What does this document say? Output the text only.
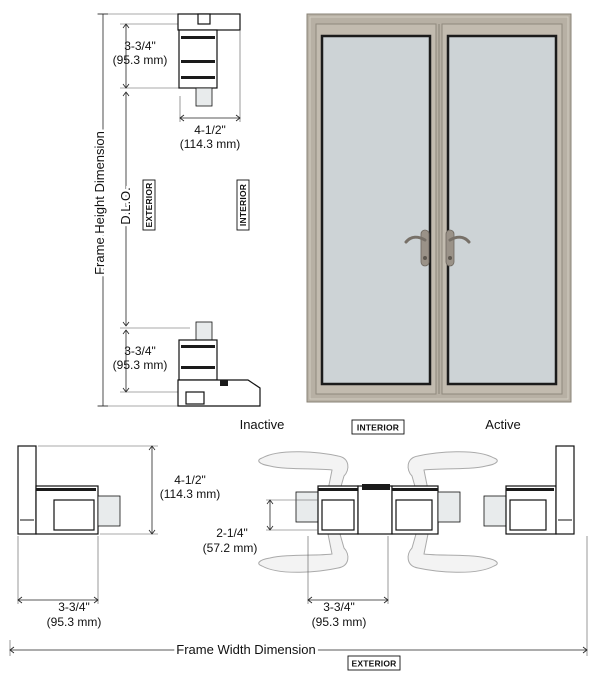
3-3/4"
(95.3 mm)
4-1/2"
(114.3 mm)
Frame Height Dimension D.L.O. EXTERIOR	INTERIOR
3-3/4"
(95.3 mm)
Inactive	INTERIOR	Active
4-1/2"
(114.3 mm)
3-3/4"
(95.3 mm)
2-1/4"
(57.2 mm)
3-3/4"
(95.3 mm)
Frame Width Dimension
EXTERIOR
